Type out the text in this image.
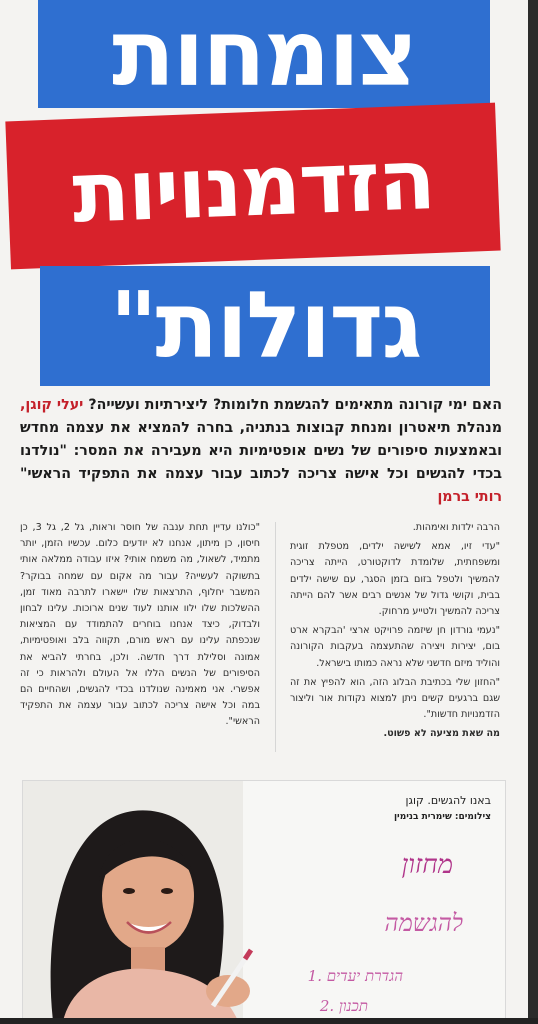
צומחות
הזדמנויות
גדולות"
האם ימי קורונה מתאימים להגשמת חלומות? ליצירתיות ועשייה? יעלי קוגן, מנהלת תיאטרון ומנחת קבוצות בנתניה, בחרה להמציא את עצמה מחדש ובאמצעות סיפורים של נשים אופטימיות היא מעבירה את המסר: "נולדנו בכדי להגשים וכל אישה צריכה לכתוב עבור עצמה את התפקיד הראשי" רותי ברמן

הרבה ילדות ואימהות.

"עדי זיו, אמא לשישה ילדים, מטפלת זוגית ומשפחתית, שלומדת לדוקטורט, הייתה צריכה להמשיך ולטפל בזום בזמן הסגר, עם שישה ילדים בבית, וקושי גדול של אנשים רבים אשר להם הייתה צריכה להמשיך ולטייע מרחוק.

"נעמי גורדון חן שיזמה פרויקט ארצי 'הבקרא ארט בום, יצירות ויצירה שהתעצמה בעקבות הקורונה והוליד מיזם חדשני שלא נראה כמותו בישראל.

"החזון שלי בכתיבת הבלוג הזה, הוא להפיץ את זה שגם ברגעים קשים ניתן למצוא נקודות אור וליצור הזדמנויות חדשות".

מה שאת מציעה לא פשוט.

"כולנו עדיין תחת ענבה של חוסר וראות, גל 2, גל 3, כן חיסון, כן מיתון, אנחנו לא יודעים כלום. עכשיו הזמן, יותר מתמיד, לשאול, מה משמח אותי? איזו עבודה ממלאה אותי בתשוקה לעשייה? עבור מה אקום עם שמחה בבוקר? המשבר יחלוף, התרצאות שלו יישארו לתרבה מאוד זמן, ההשלכות שלו ילוו אותנו לעוד שנים ארוכות. עלינו לבחון ולבדוק, כיצד אנחנו בוחרים להתמודד עם המציאות שנכפתה עלינו עם ראש מורם, תקווה בלב ואופטימיות, אמונה וסלילת דרך חדשה. ולכן, בחרתי להביא את הסיפורים של הנשים הללו אל העולם ולהראות כי זה אפשרי. אני מאמינה שנולדנו בכדי להגשים, ושהחיים הם במה וכל אישה צריכה לכתוב עבור עצמה את התפקיד הראשי".

מחזון
להגשמה
1. הגדרת יעדים
2. תכנון
באנו להגשים. קוגן
צילומים: שימרית בנימין
